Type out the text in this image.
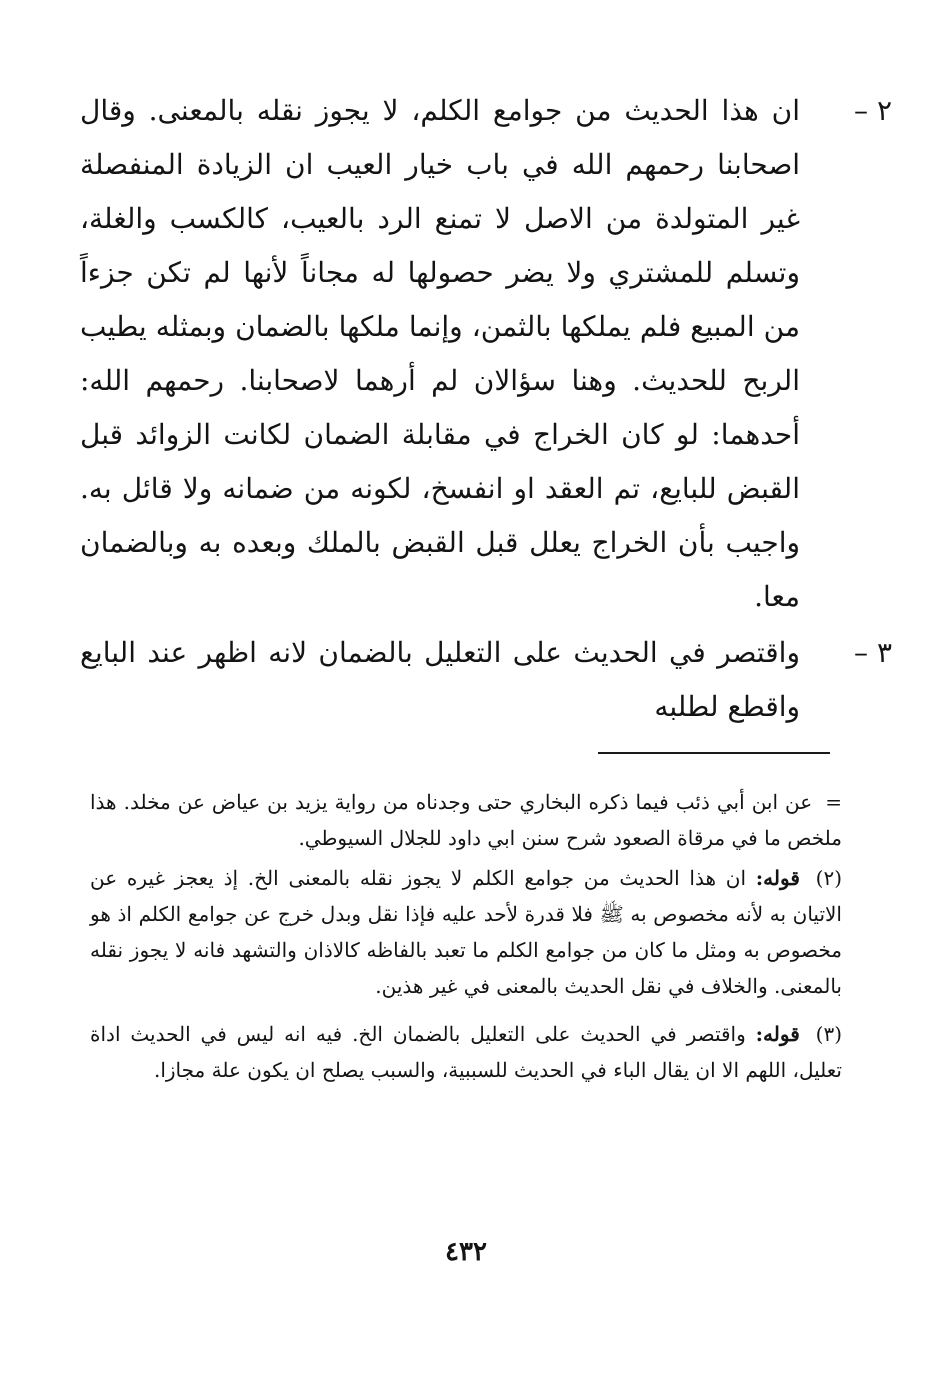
٢ –
ان هذا الحديث من جوامع الكلم، لا يجوز نقله بالمعنى. وقال اصحابنا رحمهم الله في باب خيار العيب ان الزيادة المنفصلة غير المتولدة من الاصل لا تمنع الرد بالعيب، كالكسب والغلة، وتسلم للمشتري ولا يضر حصولها له مجاناً لأنها لم تكن جزءاً من المبيع فلم يملكها بالثمن، وإنما ملكها بالضمان وبمثله يطيب الربح للحديث. وهنا سؤالان لم أرهما لاصحابنا. رحمهم الله: أحدهما: لو كان الخراج في مقابلة الضمان لكانت الزوائد قبل القبض للبايع، تم العقد او انفسخ، لكونه من ضمانه ولا قائل به. واجيب بأن الخراج يعلل قبل القبض بالملك وبعده به وبالضمان معا.
٣ –
واقتصر في الحديث على التعليل بالضمان لانه اظهر عند البايع واقطع لطلبه
= عن ابن أبي ذئب فيما ذكره البخاري حتى وجدناه من رواية يزيد بن عياض عن مخلد. هذا ملخص ما في مرقاة الصعود شرح سنن ابي داود للجلال السيوطي.
(٢) قوله: ان هذا الحديث من جوامع الكلم لا يجوز نقله بالمعنى الخ. إذ يعجز غيره عن الاتيان به لأنه مخصوص به ﷺ فلا قدرة لأحد عليه فإذا نقل وبدل خرج عن جوامع الكلم اذ هو مخصوص به ومثل ما كان من جوامع الكلم ما تعبد بالفاظه كالاذان والتشهد فانه لا يجوز نقله بالمعنى. والخلاف في نقل الحديث بالمعنى في غير هذين.
(٣) قوله: واقتصر في الحديث على التعليل بالضمان الخ. فيه انه ليس في الحديث اداة تعليل، اللهم الا ان يقال الباء في الحديث للسببية، والسبب يصلح ان يكون علة مجازا.
٤٣٢
